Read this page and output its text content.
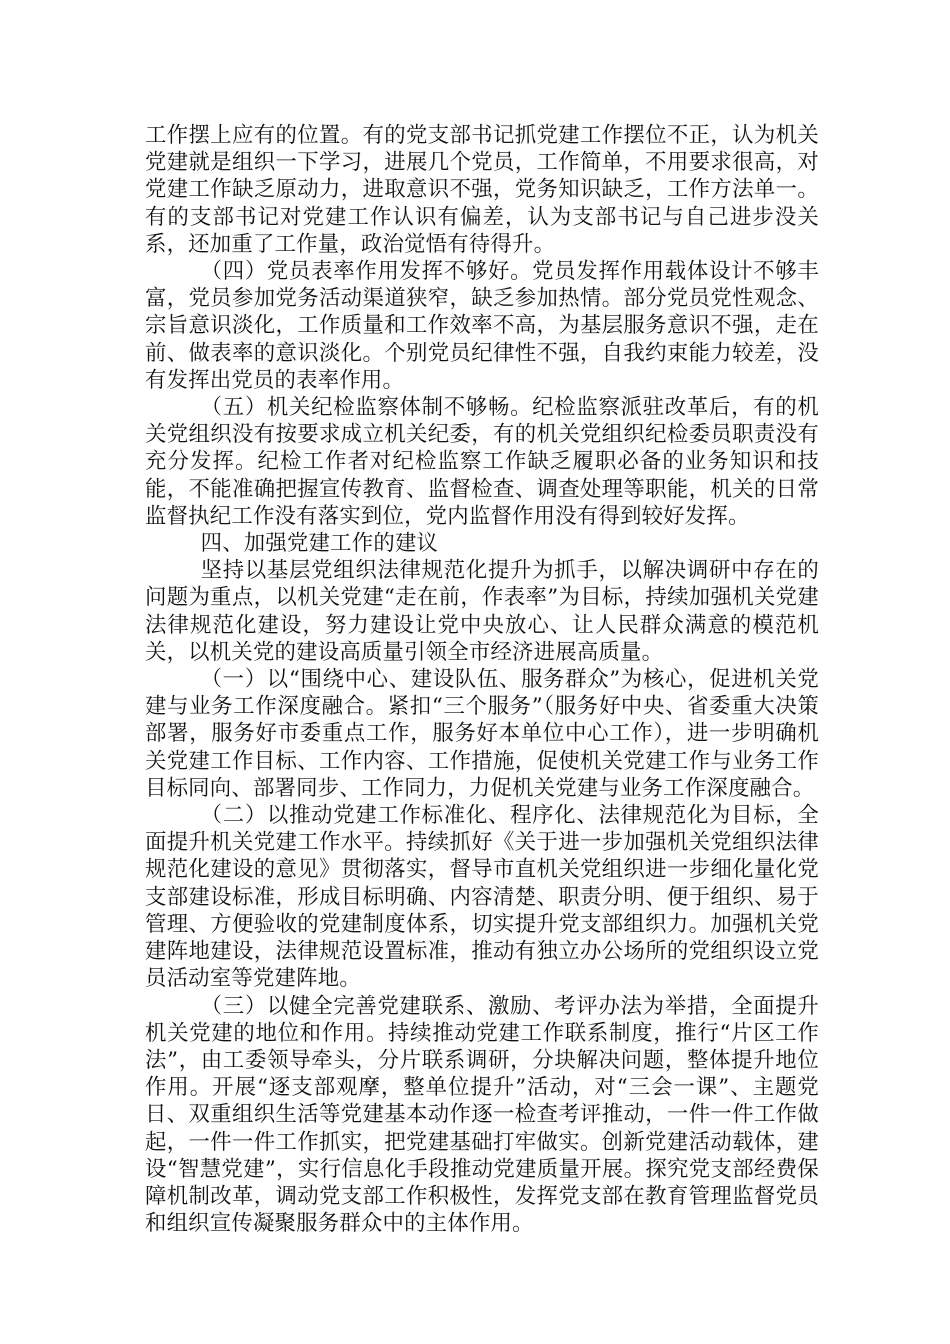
工作摆上应有的位置。有的党支部书记抓党建工作摆位不正，认为机关党建就是组织一下学习，进展几个党员，工作简单，不用要求很高，对党建工作缺乏原动力，进取意识不强，党务知识缺乏，工作方法单一。有的支部书记对党建工作认识有偏差，认为支部书记与自己进步没关系，还加重了工作量，政治觉悟有待得升。

（四）党员表率作用发挥不够好。党员发挥作用载体设计不够丰富，党员参加党务活动渠道狭窄，缺乏参加热情。部分党员党性观念、宗旨意识淡化，工作质量和工作效率不高，为基层服务意识不强，走在前、做表率的意识淡化。个别党员纪律性不强，自我约束能力较差，没有发挥出党员的表率作用。

（五）机关纪检监察体制不够畅。纪检监察派驻改革后，有的机关党组织没有按要求成立机关纪委，有的机关党组织纪检委员职责没有充分发挥。纪检工作者对纪检监察工作缺乏履职必备的业务知识和技能，不能准确把握宣传教育、监督检查、调查处理等职能，机关的日常监督执纪工作没有落实到位，党内监督作用没有得到较好发挥。

四、加强党建工作的建议

坚持以基层党组织法律规范化提升为抓手，以解决调研中存在的问题为重点，以机关党建“走在前，作表率”为目标，持续加强机关党建法律规范化建设，努力建设让党中央放心、让人民群众满意的模范机关，以机关党的建设高质量引领全市经济进展高质量。

（一）以“围绕中心、建设队伍、服务群众”为核心，促进机关党建与业务工作深度融合。紧扣“三个服务”（服务好中央、省委重大决策部署，服务好市委重点工作，服务好本单位中心工作），进一步明确机关党建工作目标、工作内容、工作措施，促使机关党建工作与业务工作目标同向、部署同步、工作同力，力促机关党建与业务工作深度融合。

（二）以推动党建工作标准化、程序化、法律规范化为目标，全面提升机关党建工作水平。持续抓好《关于进一步加强机关党组织法律规范化建设的意见》贯彻落实，督导市直机关党组织进一步细化量化党支部建设标准，形成目标明确、内容清楚、职责分明、便于组织、易于管理、方便验收的党建制度体系，切实提升党支部组织力。加强机关党建阵地建设，法律规范设置标准，推动有独立办公场所的党组织设立党员活动室等党建阵地。

（三）以健全完善党建联系、激励、考评办法为举措，全面提升机关党建的地位和作用。持续推动党建工作联系制度，推行“片区工作法”，由工委领导牵头，分片联系调研，分块解决问题，整体提升地位作用。开展“逐支部观摩，整单位提升”活动，对“三会一课”、主题党日、双重组织生活等党建基本动作逐一检查考评推动，一件一件工作做起，一件一件工作抓实，把党建基础打牢做实。创新党建活动载体，建设“智慧党建”，实行信息化手段推动党建质量开展。探究党支部经费保障机制改革，调动党支部工作积极性，发挥党支部在教育管理监督党员和组织宣传凝聚服务群众中的主体作用。
